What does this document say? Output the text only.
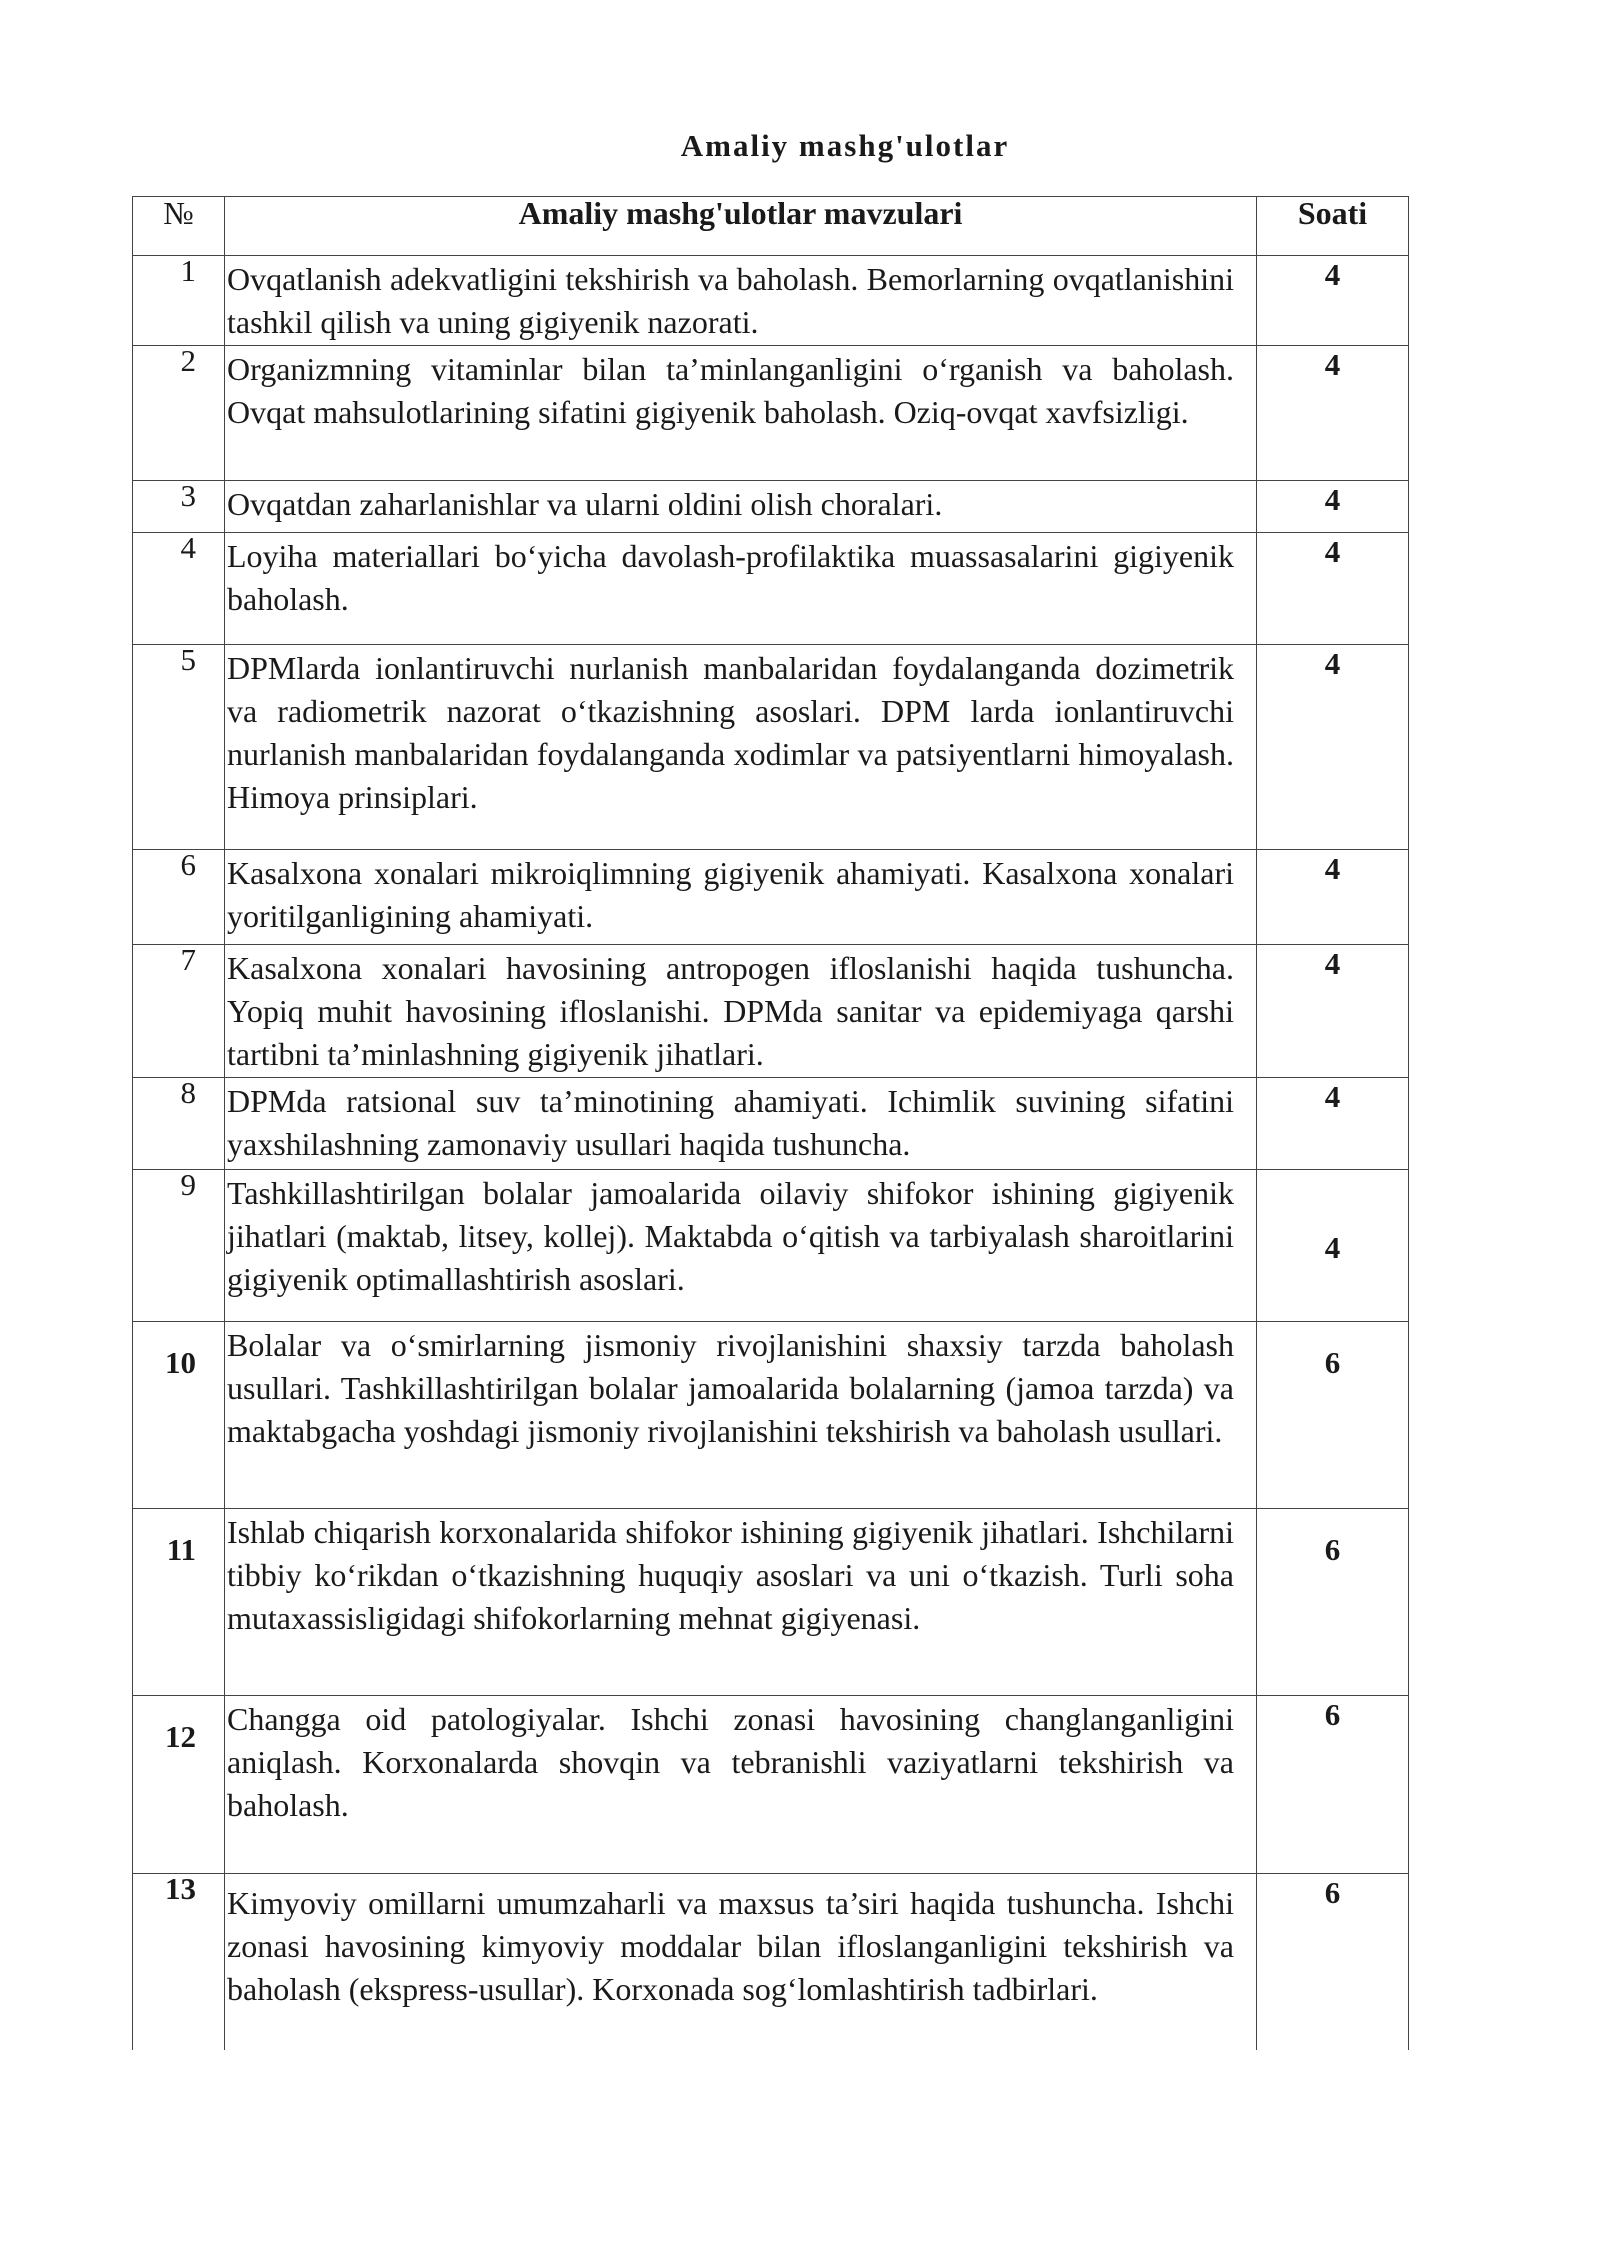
Amaliy mashg'ulotlar
№	Amaliy mashg'ulotlar mavzulari	Soati
1	Ovqatlanish adekvatligini tekshirish va baholash. Bemorlarning ovqatlanishini tashkil qilish va uning gigiyenik nazorati.	4
2	Organizmning vitaminlar bilan ta’minlanganligini o‘rganish va baholash. Ovqat mahsulotlarining sifatini gigiyenik baholash. Oziq-ovqat xavfsizligi.	4
3	Ovqatdan zaharlanishlar va ularni oldini olish choralari.	4
4	Loyiha materiallari bo‘yicha davolash-profilaktika muassasalarini gigiyenik baholash.	4
5	DPMlarda ionlantiruvchi nurlanish manbalaridan foydalanganda dozimetrik va radiometrik nazorat o‘tkazishning asoslari. DPM larda ionlantiruvchi nurlanish manbalaridan foydalanganda xodimlar va patsiyentlarni himoyalash. Himoya prinsiplari.	4
6	Kasalxona xonalari mikroiqlimning gigiyenik ahamiyati. Kasalxona xonalari yoritilganligining ahamiyati.	4
7	Kasalxona xonalari havosining antropogen ifloslanishi haqida tushuncha. Yopiq muhit havosining ifloslanishi. DPMda sanitar va epidemiyaga qarshi tartibni ta’minlashning gigiyenik jihatlari.	4
8	DPMda ratsional suv ta’minotining ahamiyati. Ichimlik suvining sifatini yaxshilashning zamonaviy usullari haqida tushuncha.	4
9	Tashkillashtirilgan bolalar jamoalarida oilaviy shifokor ishining gigiyenik jihatlari (maktab, litsey, kollej). Maktabda o‘qitish va tarbiyalash sharoitlarini gigiyenik optimallashtirish asoslari.	4
10	Bolalar va o‘smirlarning jismoniy rivojlanishini shaxsiy tarzda baholash usullari. Tashkillashtirilgan bolalar jamoalarida bolalarning (jamoa tarzda) va maktabgacha yoshdagi jismoniy rivojlanishini tekshirish va baholash usullari.	6
11	Ishlab chiqarish korxonalarida shifokor ishining gigiyenik jihatlari. Ishchilarni tibbiy ko‘rikdan o‘tkazishning huquqiy asoslari va uni o‘tkazish. Turli soha mutaxassisligidagi shifokorlarning mehnat gigiyenasi.	6
12	Changga oid patologiyalar. Ishchi zonasi havosining changlanganligini aniqlash. Korxonalarda shovqin va tebranishli vaziyatlarni tekshirish va baholash.	6
13	Kimyoviy omillarni umumzaharli va maxsus ta’siri haqida tushuncha. Ishchi zonasi havosining kimyoviy moddalar bilan ifloslanganligini tekshirish va baholash (ekspress-usullar). Korxonada sog‘lomlashtirish tadbirlari.	6
